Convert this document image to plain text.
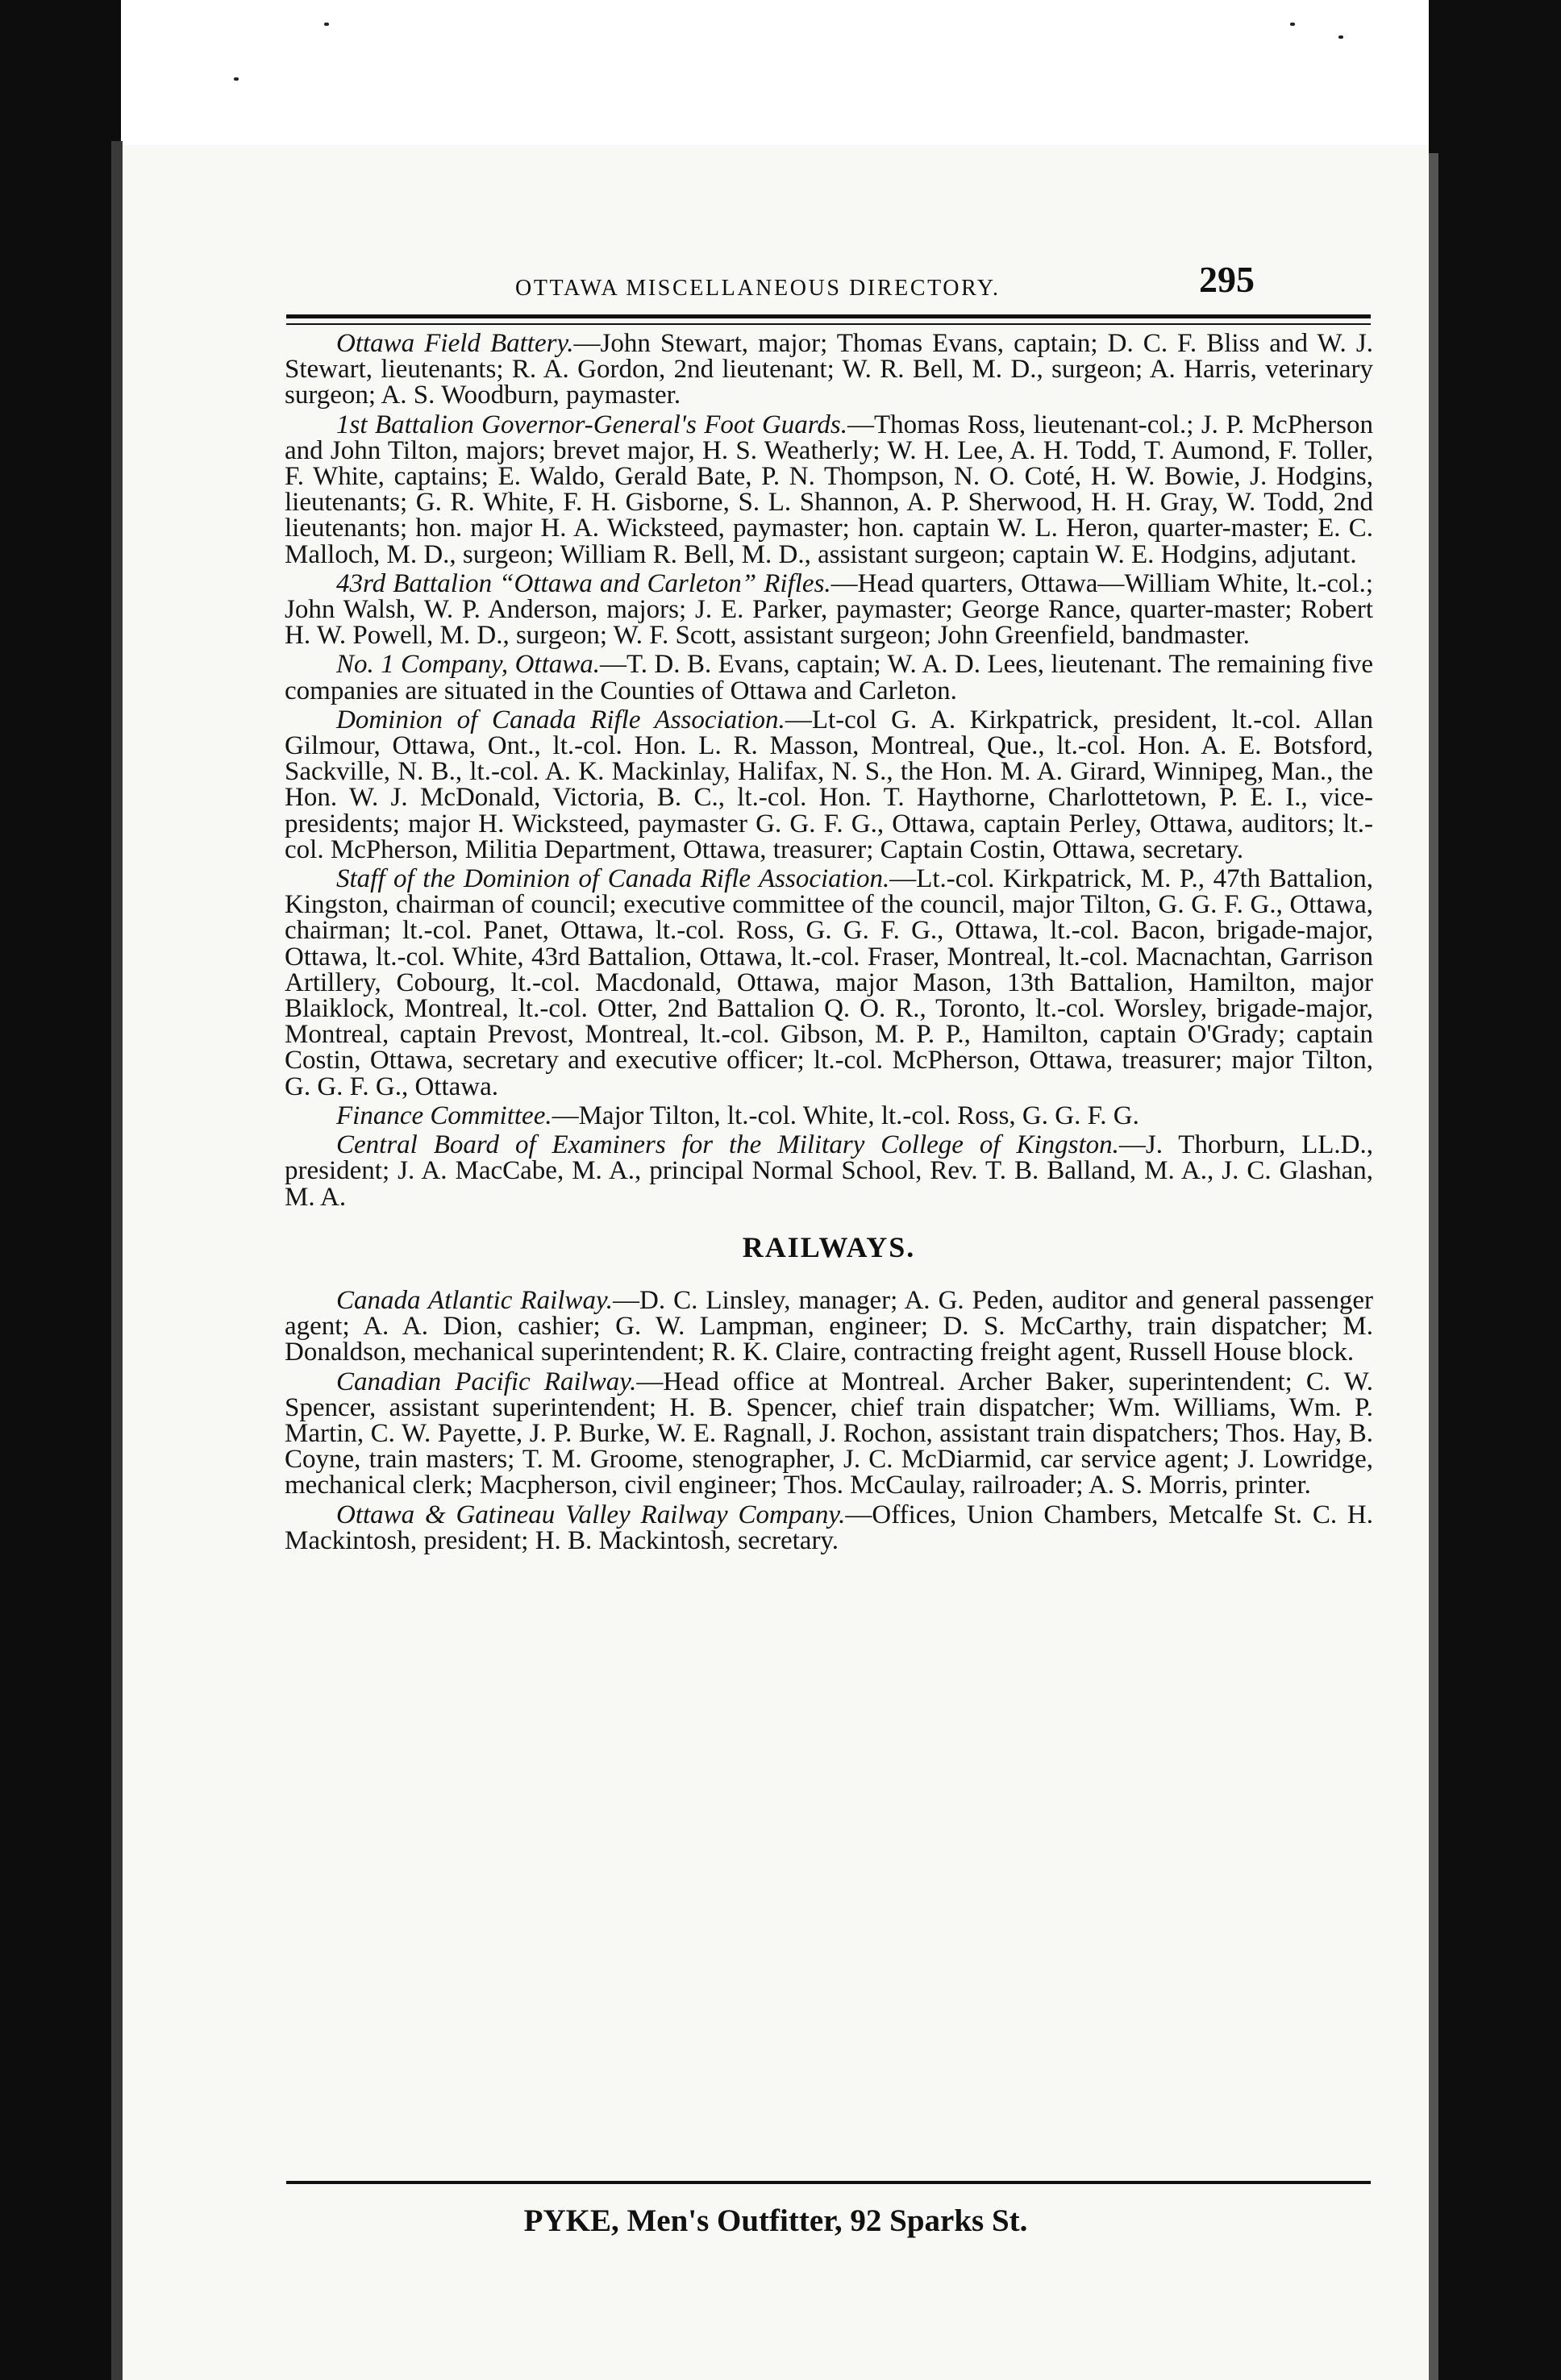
OTTAWA MISCELLANEOUS DIRECTORY.	295

Ottawa Field Battery.—John Stewart, major; Thomas Evans, captain; D. C. F. Bliss and W. J. Stewart, lieutenants; R. A. Gordon, 2nd lieutenant; W. R. Bell, M. D., surgeon; A. Harris, veterinary surgeon; A. S. Woodburn, paymaster.

1st Battalion Governor-General's Foot Guards.—Thomas Ross, lieutenant-col.; J. P. McPherson and John Tilton, majors; brevet major, H. S. Weatherly; W. H. Lee, A. H. Todd, T. Aumond, F. Toller, F. White, captains; E. Waldo, Gerald Bate, P. N. Thompson, N. O. Coté, H. W. Bowie, J. Hodgins, lieutenants; G. R. White, F. H. Gisborne, S. L. Shannon, A. P. Sherwood, H. H. Gray, W. Todd, 2nd lieutenants; hon. major H. A. Wicksteed, paymaster; hon. captain W. L. Heron, quarter-master; E. C. Malloch, M. D., surgeon; William R. Bell, M. D., assistant surgeon; captain W. E. Hodgins, adjutant.

43rd Battalion “Ottawa and Carleton” Rifles.—Head quarters, Ottawa—William White, lt.-col.; John Walsh, W. P. Anderson, majors; J. E. Parker, paymaster; George Rance, quarter-master; Robert H. W. Powell, M. D., surgeon; W. F. Scott, assistant surgeon; John Greenfield, bandmaster.

No. 1 Company, Ottawa.—T. D. B. Evans, captain; W. A. D. Lees, lieutenant. The remaining five companies are situated in the Counties of Ottawa and Carleton.

Dominion of Canada Rifle Association.—Lt-col G. A. Kirkpatrick, president, lt.-col. Allan Gilmour, Ottawa, Ont., lt.-col. Hon. L. R. Masson, Montreal, Que., lt.-col. Hon. A. E. Botsford, Sackville, N. B., lt.-col. A. K. Mackinlay, Halifax, N. S., the Hon. M. A. Girard, Winnipeg, Man., the Hon. W. J. McDonald, Victoria, B. C., lt.-col. Hon. T. Haythorne, Charlottetown, P. E. I., vice-presidents; major H. Wicksteed, paymaster G. G. F. G., Ottawa, captain Perley, Ottawa, auditors; lt.-col. McPherson, Militia Department, Ottawa, treasurer; Captain Costin, Ottawa, secretary.

Staff of the Dominion of Canada Rifle Association.—Lt.-col. Kirkpatrick, M. P., 47th Battalion, Kingston, chairman of council; executive committee of the council, major Tilton, G. G. F. G., Ottawa, chairman; lt.-col. Panet, Ottawa, lt.-col. Ross, G. G. F. G., Ottawa, lt.-col. Bacon, brigade-major, Ottawa, lt.-col. White, 43rd Battalion, Ottawa, lt.-col. Fraser, Montreal, lt.-col. Macnachtan, Garrison Artillery, Cobourg, lt.-col. Macdonald, Ottawa, major Mason, 13th Battalion, Hamilton, major Blaiklock, Montreal, lt.-col. Otter, 2nd Battalion Q. O. R., Toronto, lt.-col. Worsley, brigade-major, Montreal, captain Prevost, Montreal, lt.-col. Gibson, M. P. P., Hamilton, captain O'Grady; captain Costin, Ottawa, secretary and executive officer; lt.-col. McPherson, Ottawa, treasurer; major Tilton, G. G. F. G., Ottawa.

Finance Committee.—Major Tilton, lt.-col. White, lt.-col. Ross, G. G. F. G.

Central Board of Examiners for the Military College of Kingston.—J. Thorburn, LL.D., president; J. A. MacCabe, M. A., principal Normal School, Rev. T. B. Balland, M. A., J. C. Glashan, M. A.

RAILWAYS.

Canada Atlantic Railway.—D. C. Linsley, manager; A. G. Peden, auditor and general passenger agent; A. A. Dion, cashier; G. W. Lampman, engineer; D. S. McCarthy, train dispatcher; M. Donaldson, mechanical superintendent; R. K. Claire, contracting freight agent, Russell House block.

Canadian Pacific Railway.—Head office at Montreal. Archer Baker, superintendent; C. W. Spencer, assistant superintendent; H. B. Spencer, chief train dispatcher; Wm. Williams, Wm. P. Martin, C. W. Payette, J. P. Burke, W. E. Ragnall, J. Rochon, assistant train dispatchers; Thos. Hay, B. Coyne, train masters; T. M. Groome, stenographer, J. C. McDiarmid, car service agent; J. Lowridge, mechanical clerk; Macpherson, civil engineer; Thos. McCaulay, railroader; A. S. Morris, printer.

Ottawa & Gatineau Valley Railway Company.—Offices, Union Chambers, Metcalfe St. C. H. Mackintosh, president; H. B. Mackintosh, secretary.

PYKE, Men's Outfitter, 92 Sparks St.
